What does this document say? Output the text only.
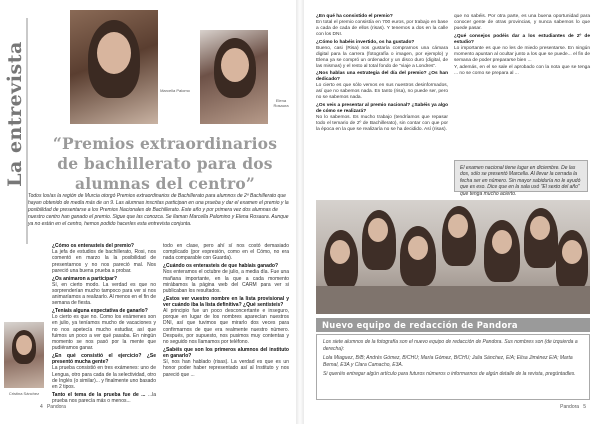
La entrevista	Marcella Palomo
Elena Rosaura
“Premios extraordinarios de bachillerato para dos alumnas del centro”

Todos los/as la región de Murcia otorgó Premios extraordinarios de Bachillerato para alumnos de 2º Bachillerato que hayan obtenido de media más de un 9. Las alumnas inscritas participan en una prueba y dar el examen el premio y la posibilidad de presentarse a los Premios Nacionales de Bachillerato. Este año y por primera vez dos alumnas de nuestro centro han ganado el premio. Sigue que las conozca. Se llaman Marcella Palomino y Elena Rosaura. Aunque ya no están en el centro, hemos podido hacerles esta entrevista conjunta.

¿Cómo os enterasteis del premio?
La jefa de estudios de bachillerato, Rosi, nos comentó en marzo la la posibilidad de presentarnos y no nos pareció mal. Nos pareció una buena prueba a probar.

¿Os animaron a participar?
Sí, en cierto modo. La verdad es que no sorprenderían mucho tampoco para ver si nos animaríamos a realizarlo. Al menos en el fin de semana de fiesta.

¿Teníais alguna expectativa de ganarlo?
Lo cierto es que no. Como los exámenes son en julio, ya teníamos mucho de vacaciones y no nos apetecía mucho estudiar, así que fuimos un poco a ver qué pasaba. En ningún momento se nos pasó por la mente que pudiéramos ganar.

¿En qué consistió el ejercicio? ¿Se presentó mucha gente?
La prueba consistió en tres exámenes: uno de Lengua, otro para cada de la selectividad, otro de Inglés (o similar)... y finalmente uno basado en 2 tipos.

Tanto el tema de la prueba fue de ... ...la prueba nos parecía más o menos...

todo en clase, pero ahí sí nos costó demasiado complicado (por expresión, como en el Cómo, no era nada comparable con Guarda).

¿Cuándo os enterasteis de que habíais ganado?
Nos enteramos el octubre de julio, a media día. Fue una mañana importante, en la que a cada momento mirábamos la página web del CARM para ver si publicaban los resultados.

¿Estos ver vuestro nombre en la lista provisional y ver cuándo iba la lista definitiva? ¿Qué sentisteis?
Al principio fue un poco desconcertante e inseguro, porque en lugar de los nombres aparecían nuestros DNI, así que tuvimos que mirarlo dos veces para confirmarnos de que era realmente nuestro número. Después, por supuesto, nos pusimos muy contentas y no seguido nos llamamos por teléfono.

¿Sabéis que son los primeros alumnos del instituto en ganarlo?
Sí, nos han hablado (risas). La verdad es que es un honor poder haber representado así al Instituto y nos pareció que ...

Cristina Sánchez
4 Pandora

¿En qué ha consistido el premio?
En total el premio consistía en 700 euros, por trabajo en base a cada de cada de ellos (risas). Y tenemos a dos en la calle con los DNI.

¿Cómo lo habéis invertido, os ha gustado?
Bueno, casi (Risa) nos gustaría comprarnos una cámara digital para la carrera (fotografía o imagen, por ejemplo) y Elena ya se compró un ordenador y un disco duro (digital, de las mismas) y el resto al total fondo de "viaje a Londres".

¿Nos hablas una estrategia del día del premio? ¿Os han dedicado?
Lo cierto es que sólo vemos en sus nuestros desinformados, así que no sabemos nada. En tanto (risa), no puede ser, pero no se sabemos nada.

¿Os veis a presentar al premio nacional? ¿Sabéis ya algo de cómo se realizará?
No lo sabemos. Es mucho trabajo (tendríamos que repasar todo el temario de 2º de Bachillerato), sin contar con que por la época en la que se realizaría no se ha decidido. Así (risas).

que no sabéis. Por otra parte, es una buena oportunidad para conocer gente de otras provincias, y nunca sabemos lo que puede pasar.

¿Qué consejos podéis dar a los estudiantes de 2º de estudio?
Lo importante es que no les de miedo presentarse. En ningún momento apuntan al ocultar junto a los que se puede... el fin de semana de poder prepararse bien ...

Y, además, en el se sale el aprobado con la nota que se tenga ... no se como se prepara al ...

El examen nacional tiene lugar en diciembre. De las dos, sólo se presentó Marcella. Al llevar la cerrada la fecha ser en número. Sin mayor sabiduría no le ayudó que es eso. Dice que en la sala usó "El sexto del año" que tenga mucho acierto.
Nuevo equipo de redacción de Pandora

Los siete alumnos de la fotografía son el nuevo equipo de redacción de Pandora. Sus nombres son (de izquierda a derecha):

Lola Miaguez, B/B; Andrés Gómez, B/CHU; María Gómez, B/CHU; Julia Sánchez, E/A; Elisa Jiménez E/A; Marta Bernal, E3A y Clara Camacho, E3A.

Si queréis entregar algún artículo para futuros números o informarnos de algún detalle de la revista, pregúntadles.

Pandora 5
